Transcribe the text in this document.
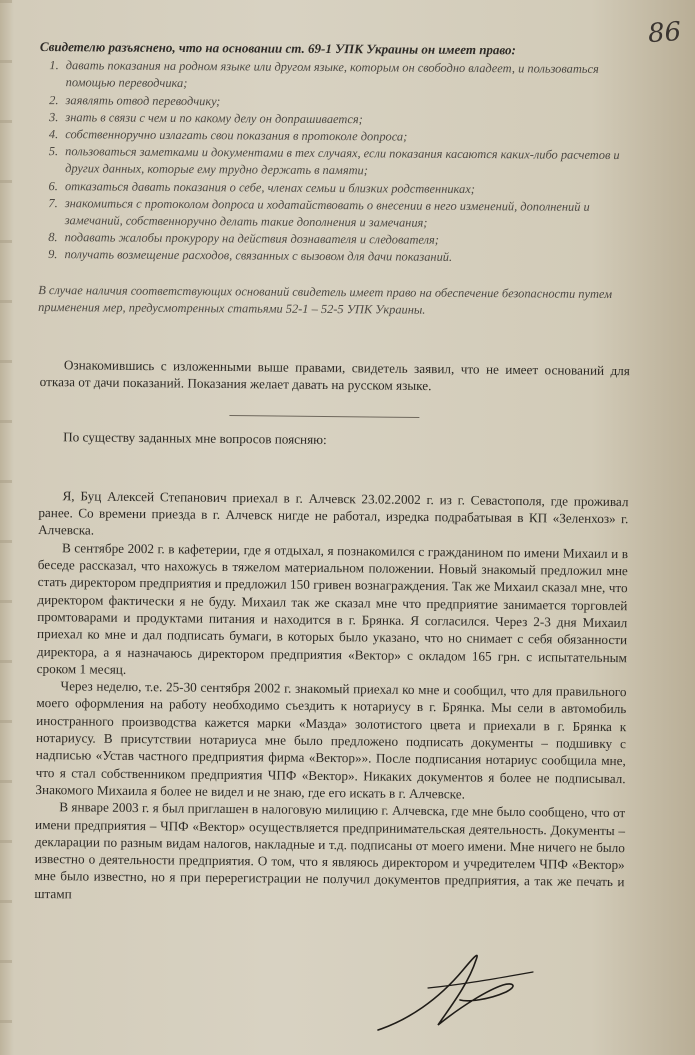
86
Свидетелю разъяснено, что на основании ст. 69-1 УПК Украины он имеет право:
1. давать показания на родном языке или другом языке, которым он свободно владеет, и пользоваться помощью переводчика;
2. заявлять отвод переводчику;
3. знать в связи с чем и по какому делу он допрашивается;
4. собственноручно излагать свои показания в протоколе допроса;
5. пользоваться заметками и документами в тех случаях, если показания касаются каких-либо расчетов и других данных, которые ему трудно держать в памяти;
6. отказаться давать показания о себе, членах семьи и близких родственниках;
7. знакомиться с протоколом допроса и ходатайствовать о внесении в него изменений, дополнений и замечаний, собственноручно делать такие дополнения и замечания;
8. подавать жалобы прокурору на действия дознавателя и следователя;
9. получать возмещение расходов, связанных с вызовом для дачи показаний.
В случае наличия соответствующих оснований свидетель имеет право на обеспечение безопасности путем применения мер, предусмотренных статьями 52-1 – 52-5 УПК Украины.

Ознакомившись с изложенными выше правами, свидетель заявил, что не имеет оснований для отказа от дачи показаний. Показания желает давать на русском языке.

По существу заданных мне вопросов поясняю:

Я, Буц Алексей Степанович приехал в г. Алчевск 23.02.2002 г. из г. Севастополя, где проживал ранее. Со времени приезда в г. Алчевск нигде не работал, изредка подрабатывая в КП «Зеленхоз» г. Алчевска.

В сентябре 2002 г. в кафетерии, где я отдыхал, я познакомился с гражданином по имени Михаил и в беседе рассказал, что нахожусь в тяжелом материальном положении. Новый знакомый предложил мне стать директором предприятия и предложил 150 гривен вознаграждения. Так же Михаил сказал мне, что директором фактически я не буду. Михаил так же сказал мне что предприятие занимается торговлей промтоварами и продуктами питания и находится в г. Брянка. Я согласился. Через 2-3 дня Михаил приехал ко мне и дал подписать бумаги, в которых было указано, что но снимает с себя обязанности директора, а я назначаюсь директором предприятия «Вектор» с окладом 165 грн. с испытательным сроком 1 месяц.

Через неделю, т.е. 25-30 сентября 2002 г. знакомый приехал ко мне и сообщил, что для правильного моего оформления на работу необходимо съездить к нотариусу в г. Брянка. Мы сели в автомобиль иностранного производства кажется марки «Мазда» золотистого цвета и приехали в г. Брянка к нотариусу. В присутствии нотариуса мне было предложено подписать документы – подшивку с надписью «Устав частного предприятия фирма «Вектор»». После подписания нотариус сообщила мне, что я стал собственником предприятия ЧПФ «Вектор». Никаких документов я более не подписывал. Знакомого Михаила я более не видел и не знаю, где его искать в г. Алчевске.

В январе 2003 г. я был приглашен в налоговую милицию г. Алчевска, где мне было сообщено, что от имени предприятия – ЧПФ «Вектор» осуществляется предпринимательская деятельность. Документы – декларации по разным видам налогов, накладные и т.д. подписаны от моего имени. Мне ничего не было известно о деятельности предприятия. О том, что я являюсь директором и учредителем ЧПФ «Вектор» мне было известно, но я при перерегистрации не получил документов предприятия, а так же печать и штамп
